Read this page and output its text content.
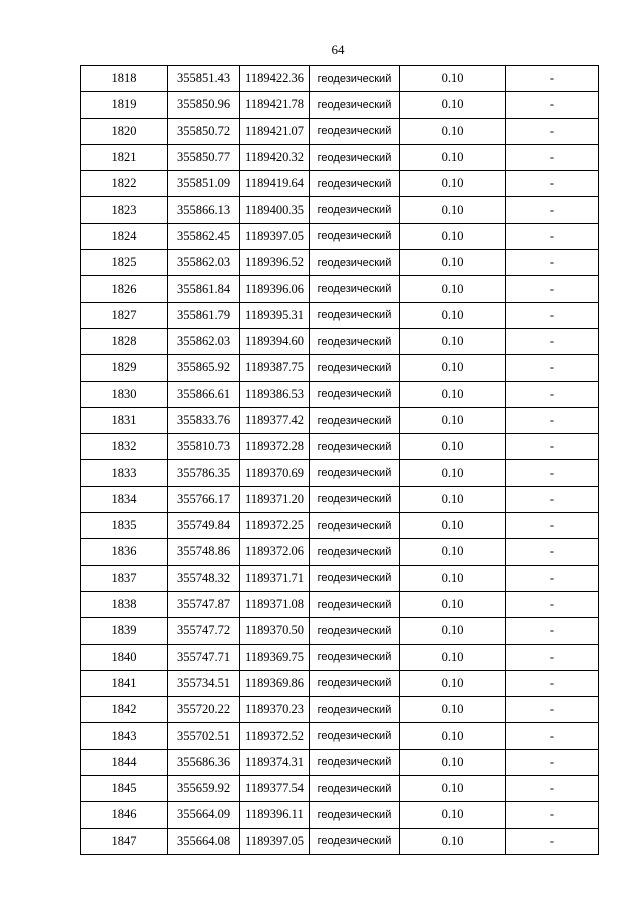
64
1818	355851.43	1189422.36	геодезический	0.10	-
1819	355850.96	1189421.78	геодезический	0.10	-
1820	355850.72	1189421.07	геодезический	0.10	-
1821	355850.77	1189420.32	геодезический	0.10	-
1822	355851.09	1189419.64	геодезический	0.10	-
1823	355866.13	1189400.35	геодезический	0.10	-
1824	355862.45	1189397.05	геодезический	0.10	-
1825	355862.03	1189396.52	геодезический	0.10	-
1826	355861.84	1189396.06	геодезический	0.10	-
1827	355861.79	1189395.31	геодезический	0.10	-
1828	355862.03	1189394.60	геодезический	0.10	-
1829	355865.92	1189387.75	геодезический	0.10	-
1830	355866.61	1189386.53	геодезический	0.10	-
1831	355833.76	1189377.42	геодезический	0.10	-
1832	355810.73	1189372.28	геодезический	0.10	-
1833	355786.35	1189370.69	геодезический	0.10	-
1834	355766.17	1189371.20	геодезический	0.10	-
1835	355749.84	1189372.25	геодезический	0.10	-
1836	355748.86	1189372.06	геодезический	0.10	-
1837	355748.32	1189371.71	геодезический	0.10	-
1838	355747.87	1189371.08	геодезический	0.10	-
1839	355747.72	1189370.50	геодезический	0.10	-
1840	355747.71	1189369.75	геодезический	0.10	-
1841	355734.51	1189369.86	геодезический	0.10	-
1842	355720.22	1189370.23	геодезический	0.10	-
1843	355702.51	1189372.52	геодезический	0.10	-
1844	355686.36	1189374.31	геодезический	0.10	-
1845	355659.92	1189377.54	геодезический	0.10	-
1846	355664.09	1189396.11	геодезический	0.10	-
1847	355664.08	1189397.05	геодезический	0.10	-
